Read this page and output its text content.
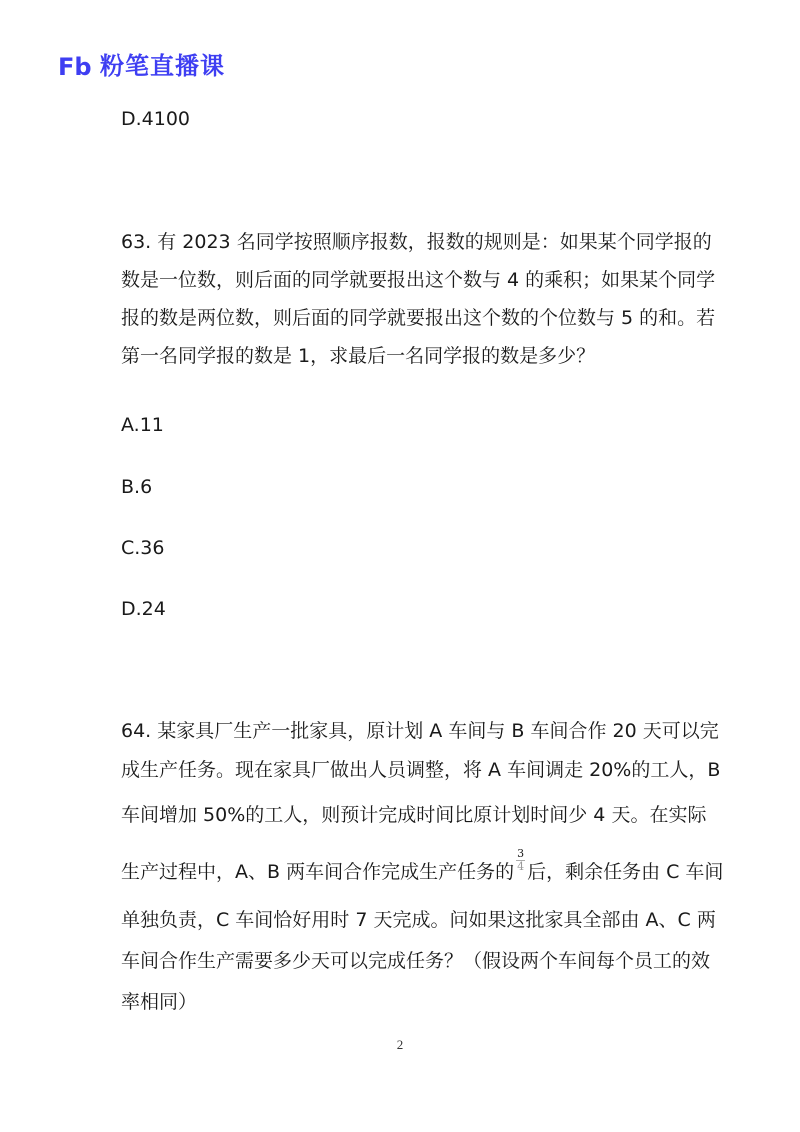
Fb 粉笔直播课
D.4100
63. 有 2023 名同学按照顺序报数，报数的规则是：如果某个同学报的
数是一位数，则后面的同学就要报出这个数与 4 的乘积；如果某个同学
报的数是两位数，则后面的同学就要报出这个数的个位数与 5 的和。若
第一名同学报的数是 1，求最后一名同学报的数是多少？
A.11
B.6
C.36
D.24
64. 某家具厂生产一批家具，原计划 A 车间与 B 车间合作 20 天可以完
成生产任务。现在家具厂做出人员调整，将 A 车间调走 20%的工人，B
车间增加 50%的工人，则预计完成时间比原计划时间少 4 天。在实际
生产过程中，A、B 两车间合作完成生产任务的 $\frac{3}{4}$ 后，剩余任务由 C 车间
单独负责，C 车间恰好用时 7 天完成。问如果这批家具全部由 A、C 两
车间合作生产需要多少天可以完成任务？（假设两个车间每个员工的效
率相同）
2
